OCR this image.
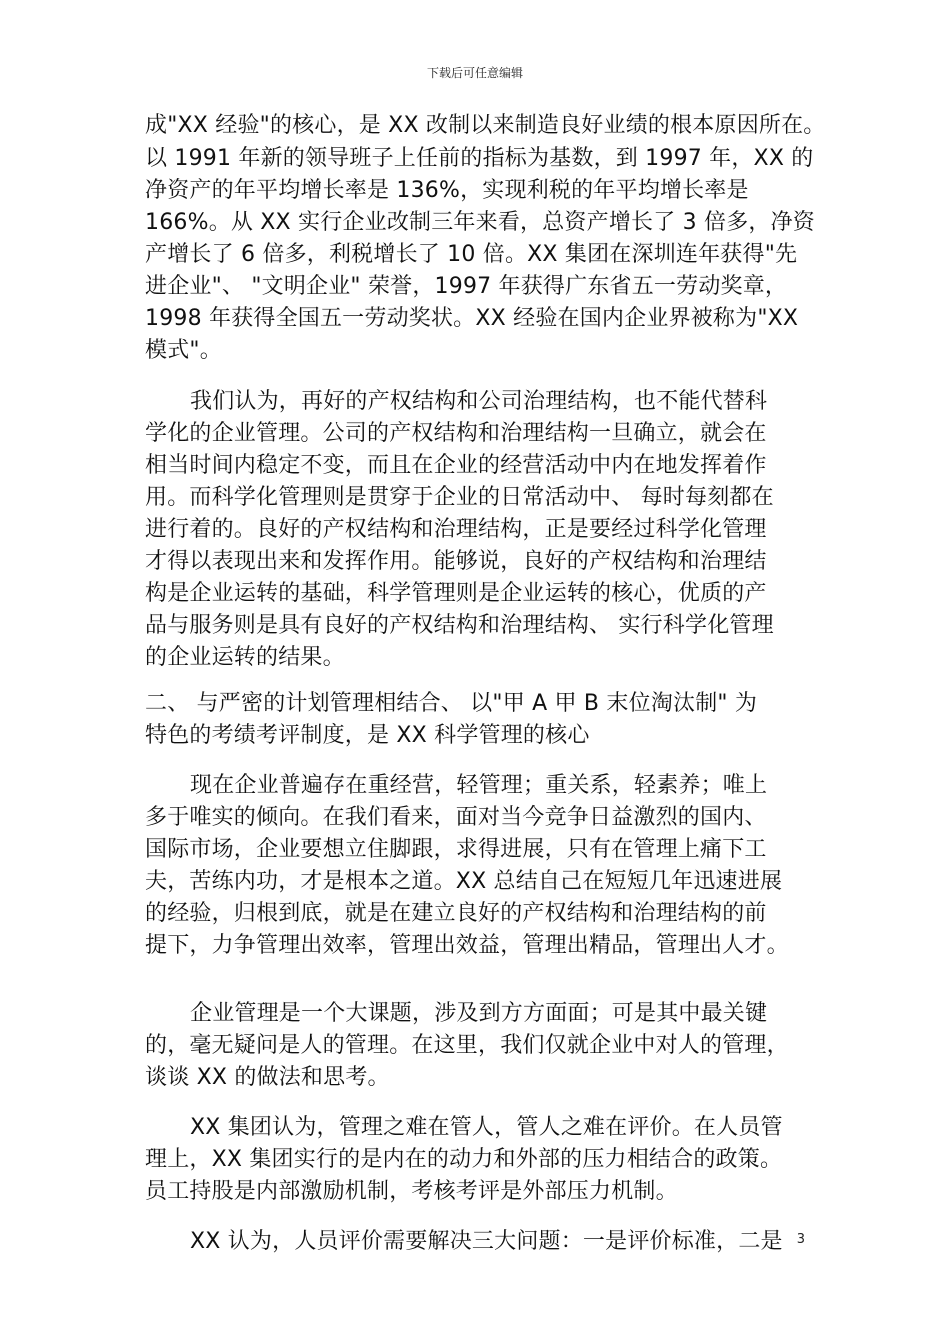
下载后可任意编辑
成"XX 经验"的核心，是 XX 改制以来制造良好业绩的根本原因所在。
以 1991 年新的领导班子上任前的指标为基数，到 1997 年，XX 的
净资产的年平均增长率是 136%，实现利税的年平均增长率是
166%。从 XX 实行企业改制三年来看，总资产增长了 3 倍多，净资
产增长了 6 倍多，利税增长了 10 倍。XX 集团在深圳连年获得"先
进企业"、 "文明企业" 荣誉，1997 年获得广东省五一劳动奖章，
1998 年获得全国五一劳动奖状。XX 经验在国内企业界被称为"XX
模式"。
我们认为，再好的产权结构和公司治理结构，也不能代替科
学化的企业管理。公司的产权结构和治理结构一旦确立，就会在
相当时间内稳定不变，而且在企业的经营活动中内在地发挥着作
用。而科学化管理则是贯穿于企业的日常活动中、 每时每刻都在
进行着的。良好的产权结构和治理结构，正是要经过科学化管理
才得以表现出来和发挥作用。能够说，良好的产权结构和治理结
构是企业运转的基础，科学管理则是企业运转的核心，优质的产
品与服务则是具有良好的产权结构和治理结构、 实行科学化管理
的企业运转的结果。
二、 与严密的计划管理相结合、 以"甲 A 甲 B 末位淘汰制" 为
特色的考绩考评制度，是 XX 科学管理的核心
现在企业普遍存在重经营，轻管理；重关系，轻素养；唯上
多于唯实的倾向。在我们看来，面对当今竞争日益激烈的国内、
国际市场，企业要想立住脚跟，求得进展，只有在管理上痛下工
夫，苦练内功，才是根本之道。XX 总结自己在短短几年迅速进展
的经验，归根到底，就是在建立良好的产权结构和治理结构的前
提下，力争管理出效率，管理出效益，管理出精品，管理出人才。
企业管理是一个大课题，涉及到方方面面；可是其中最关键
的，毫无疑问是人的管理。在这里，我们仅就企业中对人的管理，
谈谈 XX 的做法和思考。
XX 集团认为，管理之难在管人，管人之难在评价。在人员管
理上，XX 集团实行的是内在的动力和外部的压力相结合的政策。
员工持股是内部激励机制，考核考评是外部压力机制。
XX 认为，人员评价需要解决三大问题：一是评价标准，二是 3
